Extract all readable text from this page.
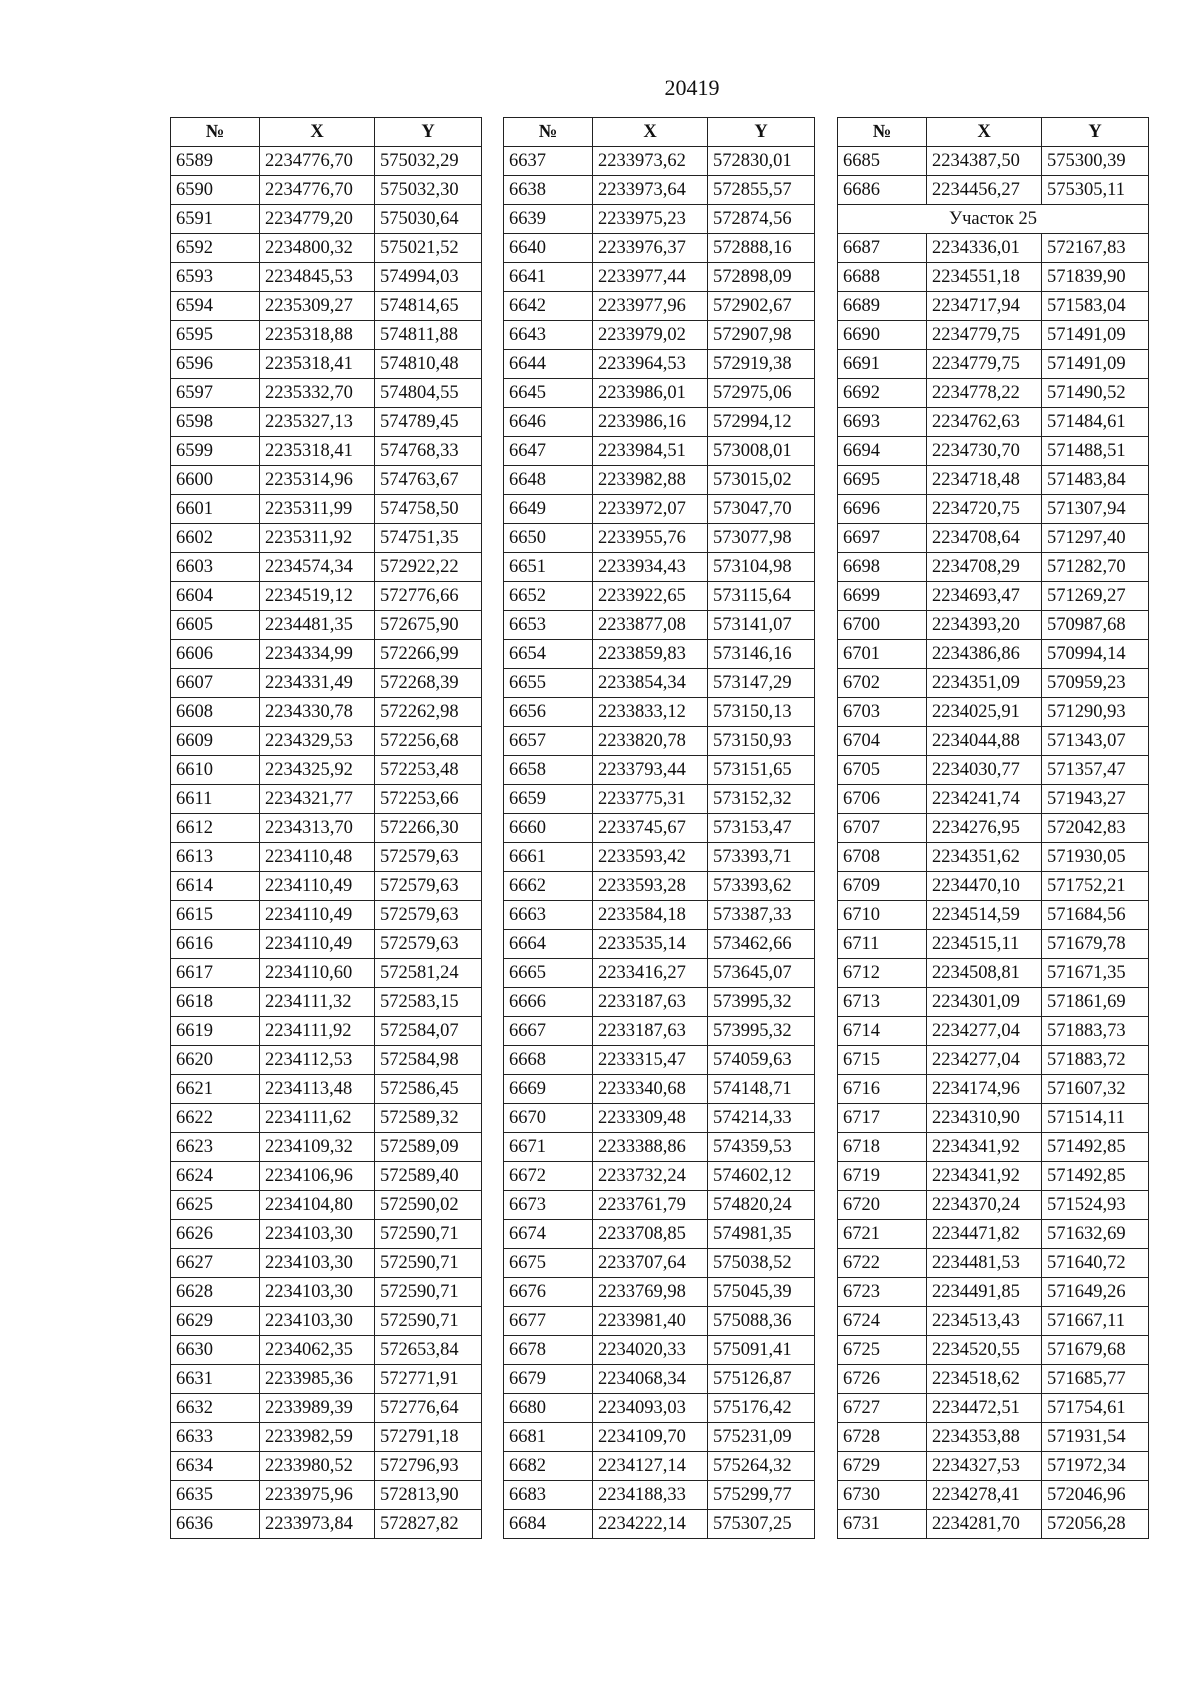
20419
№	X	Y
6589	2234776,70	575032,29
6590	2234776,70	575032,30
6591	2234779,20	575030,64
6592	2234800,32	575021,52
6593	2234845,53	574994,03
6594	2235309,27	574814,65
6595	2235318,88	574811,88
6596	2235318,41	574810,48
6597	2235332,70	574804,55
6598	2235327,13	574789,45
6599	2235318,41	574768,33
6600	2235314,96	574763,67
6601	2235311,99	574758,50
6602	2235311,92	574751,35
6603	2234574,34	572922,22
6604	2234519,12	572776,66
6605	2234481,35	572675,90
6606	2234334,99	572266,99
6607	2234331,49	572268,39
6608	2234330,78	572262,98
6609	2234329,53	572256,68
6610	2234325,92	572253,48
6611	2234321,77	572253,66
6612	2234313,70	572266,30
6613	2234110,48	572579,63
6614	2234110,49	572579,63
6615	2234110,49	572579,63
6616	2234110,49	572579,63
6617	2234110,60	572581,24
6618	2234111,32	572583,15
6619	2234111,92	572584,07
6620	2234112,53	572584,98
6621	2234113,48	572586,45
6622	2234111,62	572589,32
6623	2234109,32	572589,09
6624	2234106,96	572589,40
6625	2234104,80	572590,02
6626	2234103,30	572590,71
6627	2234103,30	572590,71
6628	2234103,30	572590,71
6629	2234103,30	572590,71
6630	2234062,35	572653,84
6631	2233985,36	572771,91
6632	2233989,39	572776,64
6633	2233982,59	572791,18
6634	2233980,52	572796,93
6635	2233975,96	572813,90
6636	2233973,84	572827,82
№	X	Y
6637	2233973,62	572830,01
6638	2233973,64	572855,57
6639	2233975,23	572874,56
6640	2233976,37	572888,16
6641	2233977,44	572898,09
6642	2233977,96	572902,67
6643	2233979,02	572907,98
6644	2233964,53	572919,38
6645	2233986,01	572975,06
6646	2233986,16	572994,12
6647	2233984,51	573008,01
6648	2233982,88	573015,02
6649	2233972,07	573047,70
6650	2233955,76	573077,98
6651	2233934,43	573104,98
6652	2233922,65	573115,64
6653	2233877,08	573141,07
6654	2233859,83	573146,16
6655	2233854,34	573147,29
6656	2233833,12	573150,13
6657	2233820,78	573150,93
6658	2233793,44	573151,65
6659	2233775,31	573152,32
6660	2233745,67	573153,47
6661	2233593,42	573393,71
6662	2233593,28	573393,62
6663	2233584,18	573387,33
6664	2233535,14	573462,66
6665	2233416,27	573645,07
6666	2233187,63	573995,32
6667	2233187,63	573995,32
6668	2233315,47	574059,63
6669	2233340,68	574148,71
6670	2233309,48	574214,33
6671	2233388,86	574359,53
6672	2233732,24	574602,12
6673	2233761,79	574820,24
6674	2233708,85	574981,35
6675	2233707,64	575038,52
6676	2233769,98	575045,39
6677	2233981,40	575088,36
6678	2234020,33	575091,41
6679	2234068,34	575126,87
6680	2234093,03	575176,42
6681	2234109,70	575231,09
6682	2234127,14	575264,32
6683	2234188,33	575299,77
6684	2234222,14	575307,25
№	X	Y
6685	2234387,50	575300,39
6686	2234456,27	575305,11
Участок 25		
6687	2234336,01	572167,83
6688	2234551,18	571839,90
6689	2234717,94	571583,04
6690	2234779,75	571491,09
6691	2234779,75	571491,09
6692	2234778,22	571490,52
6693	2234762,63	571484,61
6694	2234730,70	571488,51
6695	2234718,48	571483,84
6696	2234720,75	571307,94
6697	2234708,64	571297,40
6698	2234708,29	571282,70
6699	2234693,47	571269,27
6700	2234393,20	570987,68
6701	2234386,86	570994,14
6702	2234351,09	570959,23
6703	2234025,91	571290,93
6704	2234044,88	571343,07
6705	2234030,77	571357,47
6706	2234241,74	571943,27
6707	2234276,95	572042,83
6708	2234351,62	571930,05
6709	2234470,10	571752,21
6710	2234514,59	571684,56
6711	2234515,11	571679,78
6712	2234508,81	571671,35
6713	2234301,09	571861,69
6714	2234277,04	571883,73
6715	2234277,04	571883,72
6716	2234174,96	571607,32
6717	2234310,90	571514,11
6718	2234341,92	571492,85
6719	2234341,92	571492,85
6720	2234370,24	571524,93
6721	2234471,82	571632,69
6722	2234481,53	571640,72
6723	2234491,85	571649,26
6724	2234513,43	571667,11
6725	2234520,55	571679,68
6726	2234518,62	571685,77
6727	2234472,51	571754,61
6728	2234353,88	571931,54
6729	2234327,53	571972,34
6730	2234278,41	572046,96
6731	2234281,70	572056,28
